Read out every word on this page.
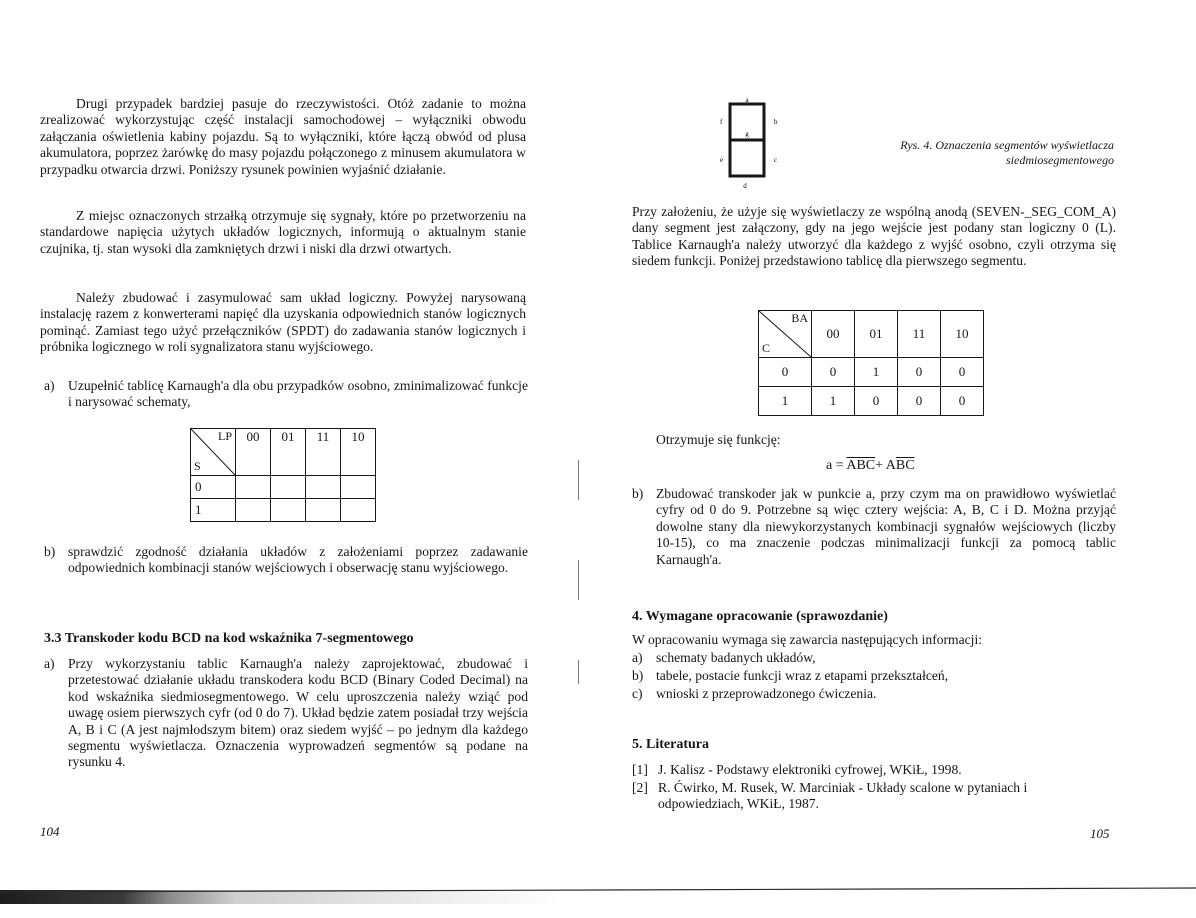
Drugi przypadek bardziej pasuje do rzeczywistości. Otóż zadanie to można zrealizować wykorzystując część instalacji samochodowej – wyłączniki obwodu załączania oświetlenia kabiny pojazdu. Są to wyłączniki, które łączą obwód od plusa akumulatora, poprzez żarówkę do masy pojazdu połączonego z minusem akumulatora w przypadku otwarcia drzwi. Poniższy rysunek powinien wyjaśnić działanie.

Z miejsc oznaczonych strzałką otrzymuje się sygnały, które po przetworzeniu na standardowe napięcia użytych układów logicznych, informują o aktualnym stanie czujnika, tj. stan wysoki dla zamkniętych drzwi i niski dla drzwi otwartych.

Należy zbudować i zasymulować sam układ logiczny. Powyżej narysowaną instalację razem z konwerterami napięć dla uzyskania odpowiednich stanów logicznych pominąć. Zamiast tego użyć przełączników (SPDT) do zadawania stanów logicznych i próbnika logicznego w roli sygnalizatora stanu wyjściowego.

a) Uzupełnić tablicę Karnaugh'a dla obu przypadków osobno, zminimalizować funkcje i narysować schematy,
LP
S	00	01	11	10
0				
1				
b) sprawdzić zgodność działania układów z założeniami poprzez zadawanie odpowiednich kombinacji stanów wejściowych i obserwację stanu wyjściowego.
3.3 Transkoder kodu BCD na kod wskaźnika 7-segmentowego
a) Przy wykorzystaniu tablic Karnaugh'a należy zaprojektować, zbudować i przetestować działanie układu transkodera kodu BCD (Binary Coded Decimal) na kod wskaźnika siedmiosegmentowego. W celu uproszczenia należy wziąć pod uwagę osiem pierwszych cyfr (od 0 do 7). Układ będzie zatem posiadał trzy wejścia A, B i C (A jest najmłodszym bitem) oraz siedem wyjść – po jednym dla każdego segmentu wyświetlacza. Oznaczenia wyprowadzeń segmentów są podane na rysunku 4.
104
a
b
c
d
e
f
g
Rys. 4. Oznaczenia segmentów wyświetlacza
siedmiosegmentowego

Przy założeniu, że użyje się wyświetlaczy ze wspólną anodą (SEVEN-_SEG_COM_A) dany segment jest załączony, gdy na jego wejście jest podany stan logiczny 0 (L). Tablice Karnaugh'a należy utworzyć dla każdego z wyjść osobno, czyli otrzyma się siedem funkcji. Poniżej przedstawiono tablicę dla pierwszego segmentu.

BA
C	00	01	11	10
0	0	1	0	0
1	1	0	0	0
Otrzymuje się funkcję:
$a = \overline{ABC}+ A\overline{BC}$
b) Zbudować transkoder jak w punkcie a, przy czym ma on prawidłowo wyświetlać cyfry od 0 do 9. Potrzebne są więc cztery wejścia: A, B, C i D. Można przyjąć dowolne stany dla niewykorzystanych kombinacji sygnałów wejściowych (liczby 10-15), co ma znaczenie podczas minimalizacji funkcji za pomocą tablic Karnaugh'a.
4. Wymagane opracowanie (sprawozdanie)
W opracowaniu wymaga się zawarcia następujących informacji:
a) schematy badanych układów,
b) tabele, postacie funkcji wraz z etapami przekształceń,
c) wnioski z przeprowadzonego ćwiczenia.
5. Literatura
[1] J. Kalisz - Podstawy elektroniki cyfrowej, WKiŁ, 1998.
[2] R. Ćwirko, M. Rusek, W. Marciniak - Układy scalone w pytaniach i odpowiedziach, WKiŁ, 1987.
105
